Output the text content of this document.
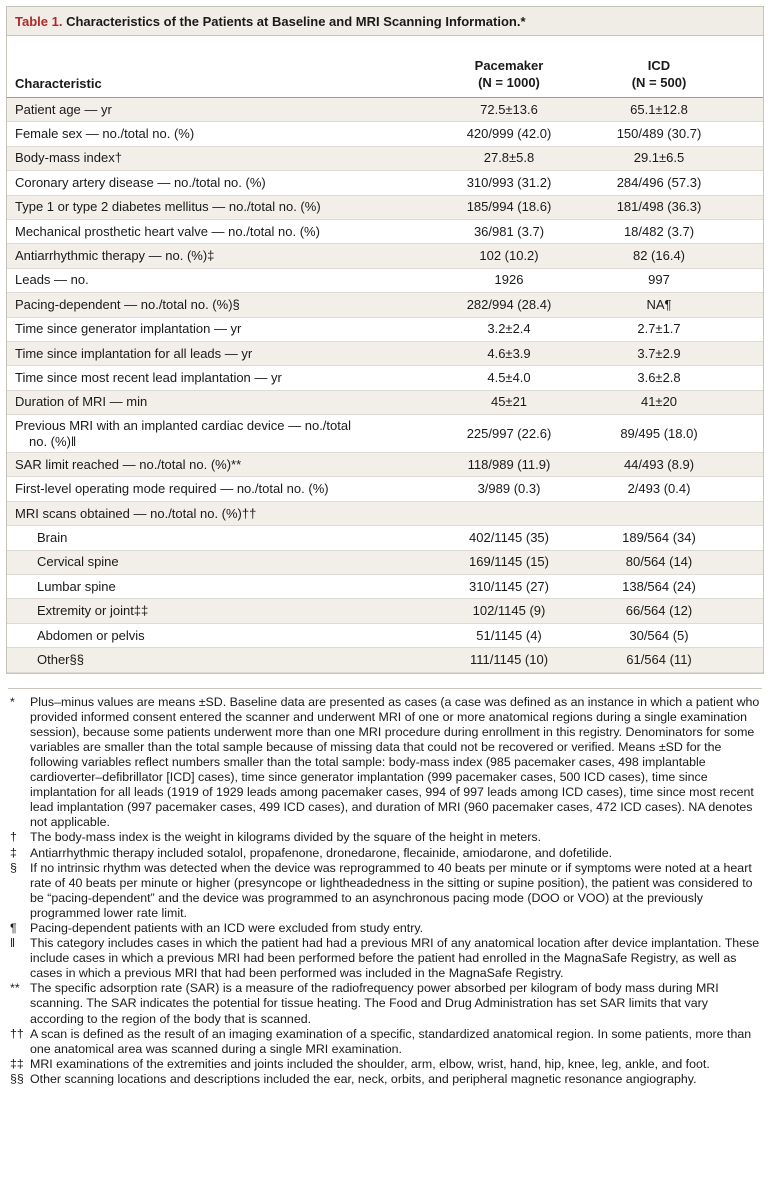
Table 1. Characteristics of the Patients at Baseline and MRI Scanning Information.*
Characteristic
Pacemaker
(N = 1000)
ICD
(N = 500)
Patient age — yr	72.5±13.6	65.1±12.8
Female sex — no./total no. (%)	420/999 (42.0)	150/489 (30.7)
Body-mass index†	27.8±5.8	29.1±6.5
Coronary artery disease — no./total no. (%)	310/993 (31.2)	284/496 (57.3)
Type 1 or type 2 diabetes mellitus — no./total no. (%)	185/994 (18.6)	181/498 (36.3)
Mechanical prosthetic heart valve — no./total no. (%)	36/981 (3.7)	18/482 (3.7)
Antiarrhythmic therapy — no. (%)‡	102 (10.2)	82 (16.4)
Leads — no.	1926	997
Pacing-dependent — no./total no. (%)§	282/994 (28.4)	NA¶
Time since generator implantation — yr	3.2±2.4	2.7±1.7
Time since implantation for all leads — yr	4.6±3.9	3.7±2.9
Time since most recent lead implantation — yr	4.5±4.0	3.6±2.8
Duration of MRI — min	45±21	41±20
Previous MRI with an implanted cardiac device — no./total
no. (%)‖
225/997 (22.6)	89/495 (18.0)
SAR limit reached — no./total no. (%)**	118/989 (11.9)	44/493 (8.9)
First-level operating mode required — no./total no. (%)	3/989 (0.3)	2/493 (0.4)
MRI scans obtained — no./total no. (%)††
Brain	402/1145 (35)	189/564 (34)
Cervical spine	169/1145 (15)	80/564 (14)
Lumbar spine	310/1145 (27)	138/564 (24)
Extremity or joint‡‡	102/1145 (9)	66/564 (12)
Abdomen or pelvis	51/1145 (4)	30/564 (5)
Other§§	111/1145 (10)	61/564 (11)
*	Plus–minus values are means ±SD. Baseline data are presented as cases (a case was defined as an instance in which a patient who provided informed consent entered the scanner and underwent MRI of one or more anatomical regions during a single examination session), because some patients underwent more than one MRI procedure during enrollment in this registry. Denominators for some variables are smaller than the total sample because of missing data that could not be recovered or verified. Means ±SD for the following variables reflect numbers smaller than the total sample: body-mass index (985 pacemaker cases, 498 implantable cardioverter–defibrillator [ICD] cases), time since generator implantation (999 pacemaker cases, 500 ICD cases), time since implantation for all leads (1919 of 1929 leads among pacemaker cases, 994 of 997 leads among ICD cases), time since most recent lead implantation (997 pacemaker cases, 499 ICD cases), and duration of MRI (960 pacemaker cases, 472 ICD cases). NA denotes not applicable.
†	The body-mass index is the weight in kilograms divided by the square of the height in meters.
‡	Antiarrhythmic therapy included sotalol, propafenone, dronedarone, flecainide, amiodarone, and dofetilide.
§	If no intrinsic rhythm was detected when the device was reprogrammed to 40 beats per minute or if symptoms were noted at a heart rate of 40 beats per minute or higher (presyncope or lightheadedness in the sitting or supine position), the patient was considered to be “pacing-dependent” and the device was programmed to an asynchronous pacing mode (DOO or VOO) at the previously programmed lower rate limit.
¶	Pacing-dependent patients with an ICD were excluded from study entry.
‖	This category includes cases in which the patient had had a previous MRI of any anatomical location after device implantation. These include cases in which a previous MRI had been performed before the patient had enrolled in the MagnaSafe Registry, as well as cases in which a previous MRI that had been performed was included in the MagnaSafe Registry.
** The specific adsorption rate (SAR) is a measure of the radiofrequency power absorbed per kilogram of body mass during MRI scanning. The SAR indicates the potential for tissue heating. The Food and Drug Administration has set SAR limits that vary according to the region of the body that is scanned.
†† A scan is defined as the result of an imaging examination of a specific, standardized anatomical region. In some patients, more than one anatomical area was scanned during a single MRI examination.
‡‡ MRI examinations of the extremities and joints included the shoulder, arm, elbow, wrist, hand, hip, knee, leg, ankle, and foot.
§§ Other scanning locations and descriptions included the ear, neck, orbits, and peripheral magnetic resonance angiography.
